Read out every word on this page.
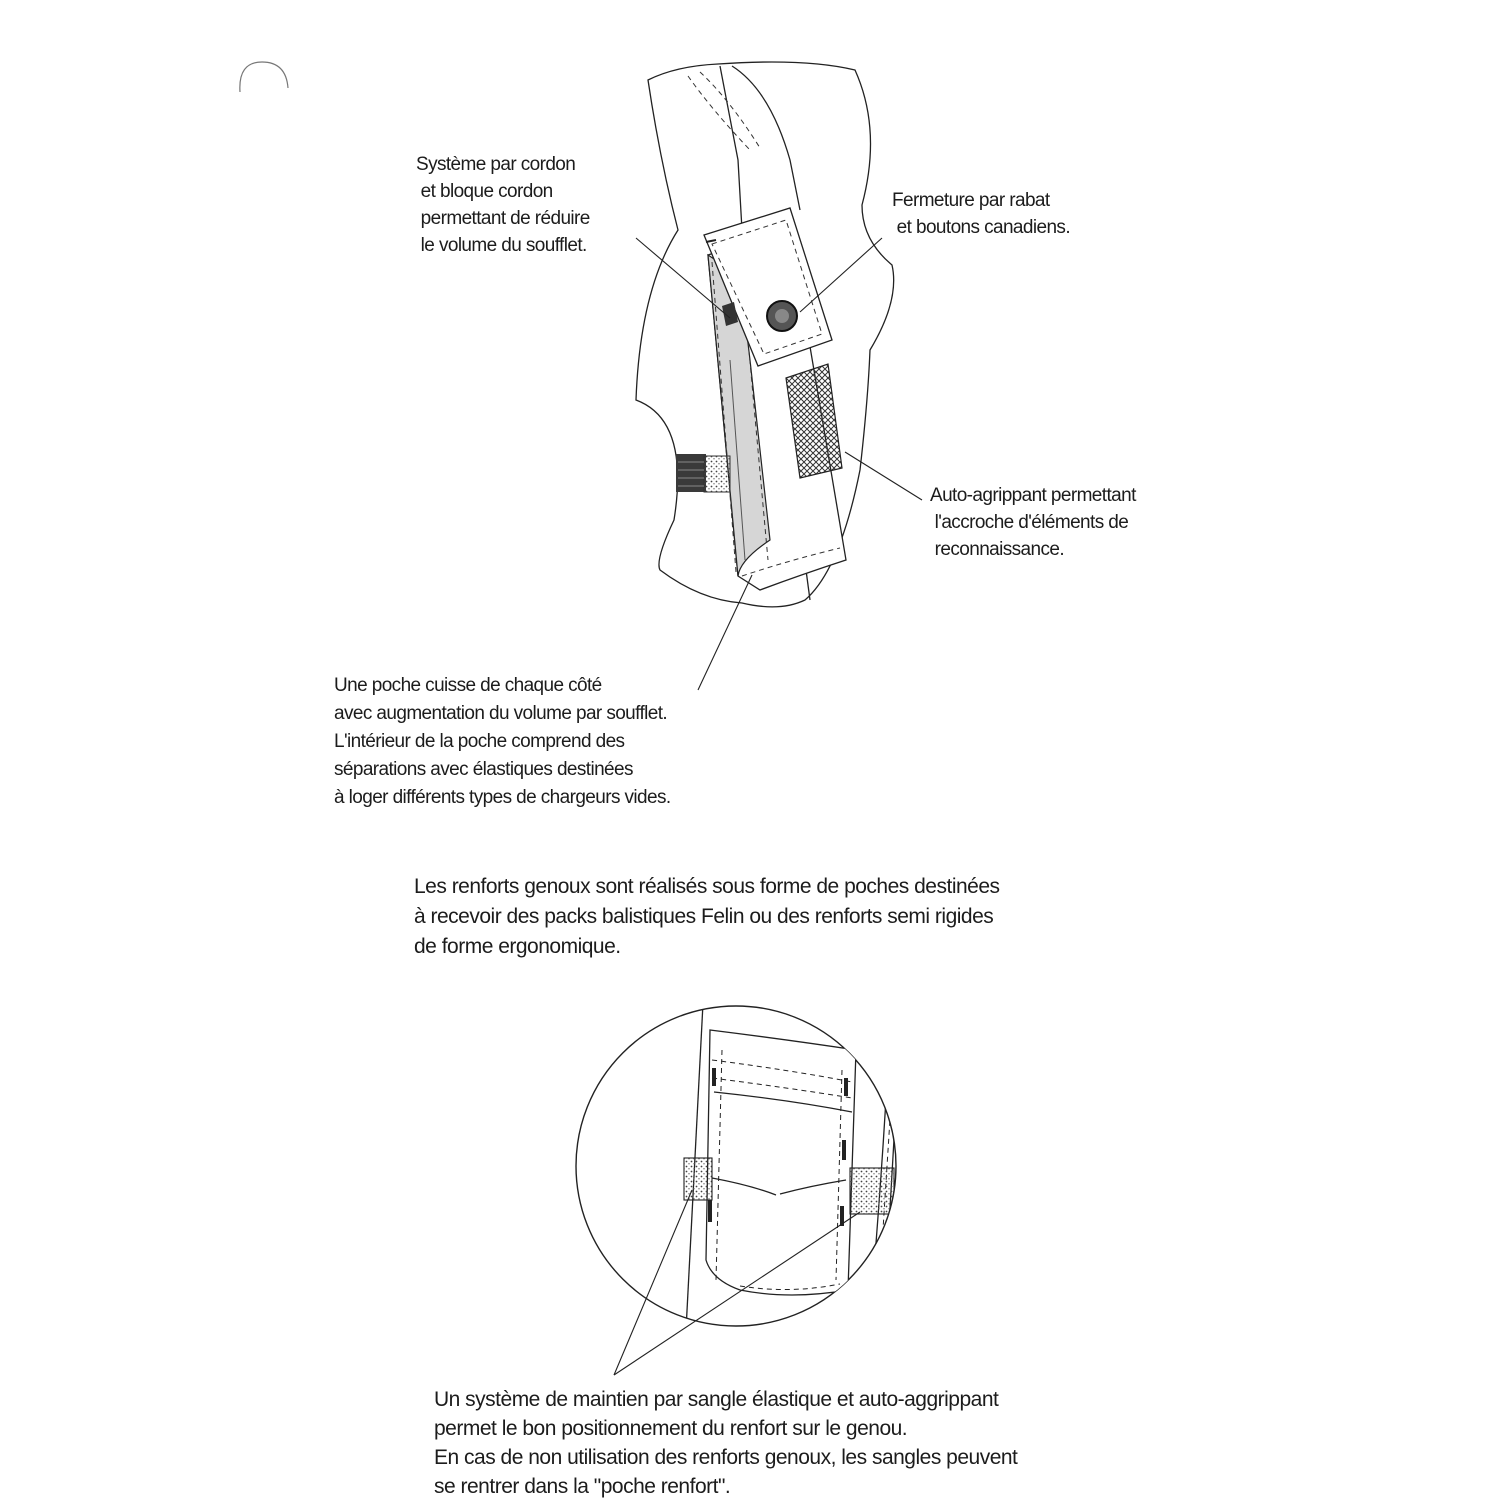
Système par cordon
et bloque cordon
permettant de réduire
le volume du soufflet.
Fermeture par rabat
et boutons canadiens.
Auto-agrippant permettant
l'accroche d'éléments de
reconnaissance.
Une poche cuisse de chaque côté
avec augmentation du volume par soufflet.
L'intérieur de la poche comprend des
séparations avec élastiques destinées
à loger différents types de chargeurs vides.
Les renforts genoux sont réalisés sous forme de poches destinées
à recevoir des packs balistiques Felin ou des renforts semi rigides
de forme ergonomique.
Un système de maintien par sangle élastique et auto-aggrippant
permet le bon positionnement du renfort sur le genou.
En cas de non utilisation des renforts genoux, les sangles peuvent
se rentrer dans la "poche renfort".
